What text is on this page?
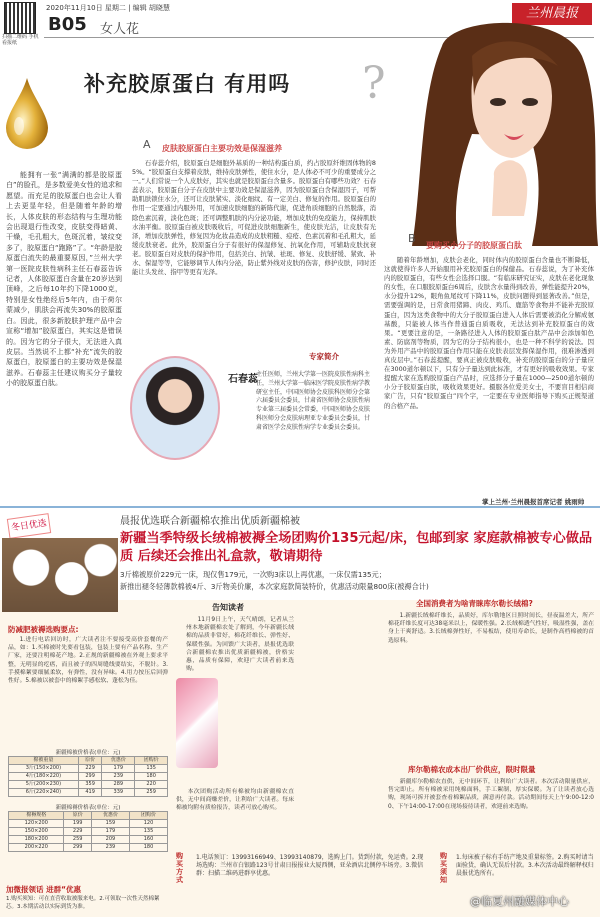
扫描二维码 手机看报纸
2020年11月10日 星期二 | 编辑 胡晓慧
B05 女人花
兰州晨报
补充胶原蛋白 有用吗 ?
能拥有一张“满满的都是胶原蛋白”的脸孔，是多数爱美女性的追求和愿望。而充足的胶原蛋白也会让人看上去更显年轻，但是随着年龄的增长，人体皮肤的形态结构与生理功能会出现退行性改变，皮肤变得暗黄、干燥，毛孔粗大，色斑沉着，皱纹变多了，胶原蛋白“跑路”了。“年龄是胶原蛋白流失的最重要原因，”兰州大学第一医院皮肤性病科主任石春蕊告诉记者，人体胶原蛋白含量在20岁达到顶峰，之后每10年约下降1000克，特别是女性绝经后5年内，由于荷尔蒙减少，肌肤会再流失30%的胶原蛋白。因此，很多新胶肤护理产品中会宣称“增加”胶原蛋白，其实这是错误的。因为它的分子很大，无法进入真皮层。当然说不上都“补充”流失的胶原蛋白，胶原蛋白的主要功效是保湿滋养。石春蕊主任建议购买分子量较小的胶原蛋白肽。
A 皮肤胶原蛋白主要功效是保湿滋养
石春蕊介绍，胶原蛋白是细胞外基质的一种结构蛋白质，约占胶原纤维固体物的85%。“胶原蛋白支撑着皮肤，维持皮肤弹性，使住水分，是人体必不可少的重要成分之一。”人们常说一个人皮肤好，其实也就是胶原蛋白含量多。胶原蛋白有哪些功效？石春蕊表示，胶原蛋白分子在皮肤中主要功效是保湿滋养，因为胶原蛋白含保湿因子，可帮助肌肤锁住水分，还可让皮肤紧实、淡化细纹、有一定美白、修复的作用。胶原蛋白的作用一定要通过内服外用，可加速皮肤细胞的新陈代谢，促进角质细胞的自然脱落，消除色素沉着，淡化色斑；还可调整肌肤的内分泌功能，增加皮肤的免疫能力，保持肌肤水油平衡。胶原蛋白被皮肤吸收后，可促进皮肤细胞新生，使皮肤光洁，让皮肤有光泽，增加皮肤弹性，修复因为化妆品造成的皮肤粗糙、痘疮、色素沉着和毛孔粗大，延缓皮肤衰老。此外，胶原蛋白分子有很好的保湿修复、抗氧化作用，可辅助皮肤抗衰老。胶原蛋白对皮肤的保护作用，包括美白、抗皱、祛斑、修复、皮肤舒缓、紧致、补水、保湿等等，它能够调节人体内分泌，防止紫外线对皮肤的伤害，修护皮肤，同时还能让头发丝、指甲等更有光泽。
专家简介
石春蕊
主任医师，兰州大学第一医院皮肤性病科主任，兰州大学第一临床医学院皮肤性病学教研室主任，中国医师协会皮肤科医师分会第六届委员会委员，甘肃省医师协会皮肤性病专业第三届委员会常委，中国医师协会皮肤科医师分会皮肤病理亚专业委员会委员，甘肃省医学会皮肤性病学专业委员会委员。
B
要购买小分子的胶原蛋白肽
随着年龄增加，皮肤会老化，同时体内的胶原蛋白含量也不断降低，这就使得许多人开始服用补充胶原蛋白的保健品。石春蕊说，为了补充体内的胶原蛋白，有些女性会选择口服。“有临床研究证实，皮肤在老化现象的女性，在口服胶原蛋白6周后，皮肤含水量得到改善，弹性能提升20%，水分提升12%，眼角鱼尾纹可下降11%，皮肤问题得到显著改善。”但是，需要强调的是，日常食用猪蹄、肉皮、鸡爪、鹿筋等食物并不能补充胶原蛋白，因为这类食物中的大分子胶原蛋白进入人体后需要被消化分解成氨基酸，只能被人体当作普通蛋白质吸收，无法达到补充胶原蛋白的效果。“更要注意的是，一条路径进入人体的胶原蛋白肽产品中会添加如色素、防腐剂等物质，因为它的分子结构很小，也是一种不科学的说法。因为外用产品中的胶原蛋白作用只能在皮肤表层发挥保湿作用，很难渗透到真皮层中。”石春蕊提醒，要真正被皮肤吸收，补充的胶原蛋白的分子量应在3000道尔顿以下，只有分子量达到此标准，才有更好的吸收效果。专家提醒大家在选购胶原蛋白产品时，应选择分子量在1000—2500道尔顿的小分子胶原蛋白肽，吸收效果更好。摄服各位爱美女士，不要盲目相信商家广告，只有“胶原蛋白”四个字，一定要在专业医师指导下购买正规渠道的合格产品。
掌上兰州·兰州晨报首席记者 姚雨帅
冬日优选	晨报优选联合新疆棉农推出优质新疆棉被
新疆当季特级长绒棉被褥全场团购价135元起/床，包邮到家 家庭款棉被专心做品质 后续还会推出礼盒款，敬请期待
3斤棉被原价229元一床，现仅售179元，一次购3床以上再优惠，一床仅需135元；
新推出褪冬轻薄款棉被4斤、3斤物美价廉，本次家庭款简装特价，优惠活动限量800床(被褥合计)
防减肥被褥选购要点:
1.进行电话回访时，广大读者注不要接受高价套餐的产品，如：1.买棉被时先要看包装，包装上要有产品名称、生产厂家，还要注明棉花产地。2.正规的新疆棉被在外观上要求平整，无明显的疙瘩，而且被子的四周缝线要结实，不脱针。3.手摸棉絮要细腻柔软，有弹性，没有异味。4.用力按压后回弹性好。5.棉被以被套中的棉絮手感松软、蓬松为佳。
新疆棉被价格表(单位：元)
棉被重量	原价	优惠价	团购价
3斤(150×200)	229	179	135
4斤(180×220)	299	239	180
5斤(200×230)	359	289	220
6斤(220×240)	419	339	259
新疆棉褥价格表(单位：元)
棉褥规格	原价	优惠价	团购价
120×200	199	159	120
150×200	229	179	135
180×200	259	209	160
200×220	299	239	180
加微报领话 进群“优惠
1.购买须知：可在直营收取被服来电。2.可领取一次性天然棉絮芯。3.本期活动以实际到货为准。
告知读者
11月9日上午，天气晴朗，记者从兰州本地新疆棉农处了解到，今年新疆长绒棉的品质非常好，棉花纤维长、弹性好、保暖性强。为回馈广大读者，晨报优选联合新疆棉农推出优质新疆棉被，价格实惠，品质有保障，欢迎广大读者前来选购。
本次团购活动所有棉被均由新疆棉农直供，无中间商赚差价，让利给广大读者。每床棉被均附有质检报告，读者可放心购买。
全国消费者为啥青睐库尔勒长绒棉?
1.新疆长绒棉纤维长，品质好，库尔勒地区日照时间长，昼夜温差大，所产棉花纤维长度可达38毫米以上，保暖性强。2.长绒棉透气性好，吸湿性强，盖在身上干爽舒适。3.长绒棉弹性好，不易板结，使用寿命长，是制作高档棉被的首选原料。
库尔勒棉农成本出厂价供应，限时限量
新疆库尔勒棉农直供，无中间环节，让利给广大读者。本次活动限量供应，售完即止。所有棉被采用纯棉面料，手工絮制，厚实保暖。为了让读者放心选购，现场可拆开被套查看棉絮品质，满意再付款。活动期间每天上午9:00-12:00、下午14:00-17:00在现场接待读者，欢迎前来选购。
购买方式
1.电话预订：13993166949、13993140879，选购上门。货到付款，免运费。2.现场选购：兰州市白银路123号甘肃日报报业大厦西侧，亚朵酒店北侧停车场旁。3.微信群：扫描二维码进群享优惠。
购买须知
1.每床被子标有手纺产地及重量标签。2.购买时请当面验货，确认无误后付款。3.本次活动最终解释权归晨报优选所有。
@临夏州融媒体中心
